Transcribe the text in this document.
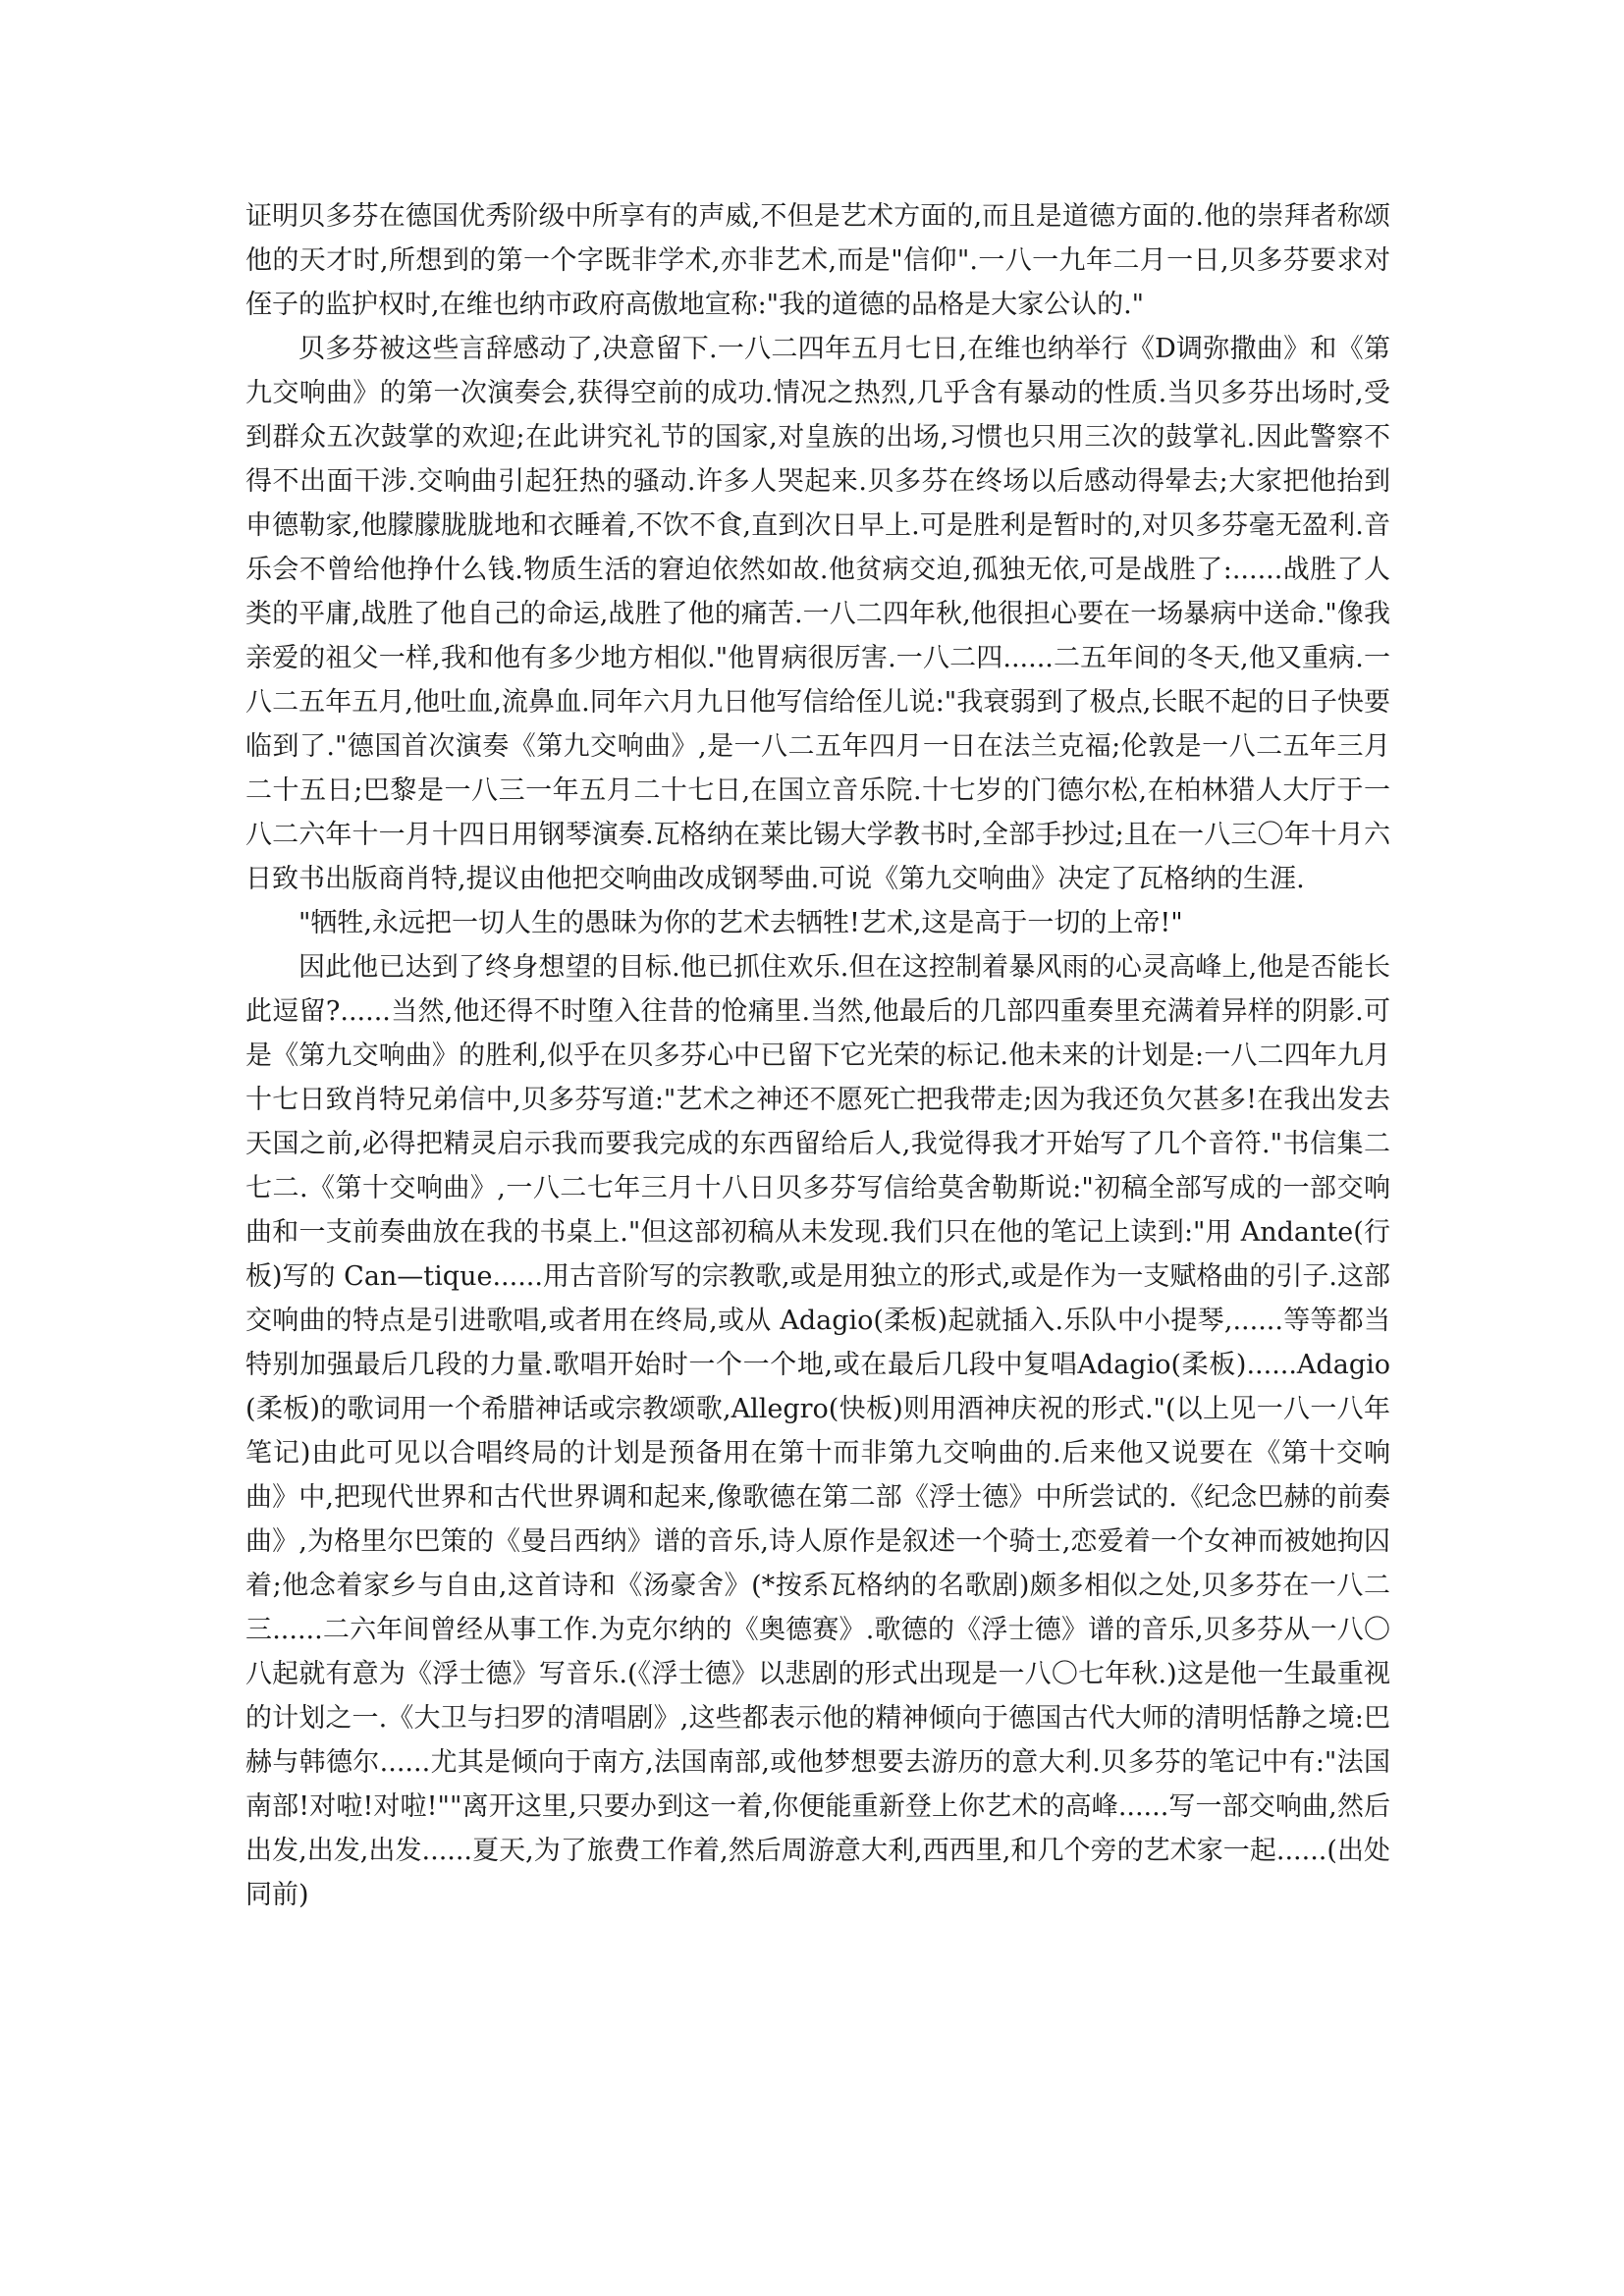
证明贝多芬在德国优秀阶级中所享有的声威,不但是艺术方面的,而且是道德方面的.他的崇拜者称颂他的天才时,所想到的第一个字既非学术,亦非艺术,而是"信仰".一八一九年二月一日,贝多芬要求对侄子的监护权时,在维也纳市政府高傲地宣称:"我的道德的品格是大家公认的."

贝多芬被这些言辞感动了,决意留下.一八二四年五月七日,在维也纳举行《D调弥撒曲》和《第九交响曲》的第一次演奏会,获得空前的成功.情况之热烈,几乎含有暴动的性质.当贝多芬出场时,受到群众五次鼓掌的欢迎;在此讲究礼节的国家,对皇族的出场,习惯也只用三次的鼓掌礼.因此警察不得不出面干涉.交响曲引起狂热的骚动.许多人哭起来.贝多芬在终场以后感动得晕去;大家把他抬到申德勒家,他朦朦胧胧地和衣睡着,不饮不食,直到次日早上.可是胜利是暂时的,对贝多芬毫无盈利.音乐会不曾给他挣什么钱.物质生活的窘迫依然如故.他贫病交迫,孤独无依,可是战胜了:......战胜了人类的平庸,战胜了他自己的命运,战胜了他的痛苦.一八二四年秋,他很担心要在一场暴病中送命."像我亲爱的祖父一样,我和他有多少地方相似."他胃病很厉害.一八二四......二五年间的冬天,他又重病.一八二五年五月,他吐血,流鼻血.同年六月九日他写信给侄儿说:"我衰弱到了极点,长眠不起的日子快要临到了."德国首次演奏《第九交响曲》,是一八二五年四月一日在法兰克福;伦敦是一八二五年三月二十五日;巴黎是一八三一年五月二十七日,在国立音乐院.十七岁的门德尔松,在柏林猎人大厅于一八二六年十一月十四日用钢琴演奏.瓦格纳在莱比锡大学教书时,全部手抄过;且在一八三〇年十月六日致书出版商肖特,提议由他把交响曲改成钢琴曲.可说《第九交响曲》决定了瓦格纳的生涯.

"牺牲,永远把一切人生的愚昧为你的艺术去牺牲!艺术,这是高于一切的上帝!"

因此他已达到了终身想望的目标.他已抓住欢乐.但在这控制着暴风雨的心灵高峰上,他是否能长此逗留?......当然,他还得不时堕入往昔的怆痛里.当然,他最后的几部四重奏里充满着异样的阴影.可是《第九交响曲》的胜利,似乎在贝多芬心中已留下它光荣的标记.他未来的计划是:一八二四年九月十七日致肖特兄弟信中,贝多芬写道:"艺术之神还不愿死亡把我带走;因为我还负欠甚多!在我出发去天国之前,必得把精灵启示我而要我完成的东西留给后人,我觉得我才开始写了几个音符."书信集二七二.《第十交响曲》,一八二七年三月十八日贝多芬写信给莫舍勒斯说:"初稿全部写成的一部交响曲和一支前奏曲放在我的书桌上."但这部初稿从未发现.我们只在他的笔记上读到:"用 Andante(行板)写的 Can—tique......用古音阶写的宗教歌,或是用独立的形式,或是作为一支赋格曲的引子.这部交响曲的特点是引进歌唱,或者用在终局,或从 Adagio(柔板)起就插入.乐队中小提琴,......等等都当特别加强最后几段的力量.歌唱开始时一个一个地,或在最后几段中复唱Adagio(柔板)......Adagio(柔板)的歌词用一个希腊神话或宗教颂歌,Allegro(快板)则用酒神庆祝的形式."(以上见一八一八年笔记)由此可见以合唱终局的计划是预备用在第十而非第九交响曲的.后来他又说要在《第十交响曲》中,把现代世界和古代世界调和起来,像歌德在第二部《浮士德》中所尝试的.《纪念巴赫的前奏曲》,为格里尔巴策的《曼吕西纳》谱的音乐,诗人原作是叙述一个骑士,恋爱着一个女神而被她拘囚着;他念着家乡与自由,这首诗和《汤豪舍》(*按系瓦格纳的名歌剧)颇多相似之处,贝多芬在一八二三......二六年间曾经从事工作.为克尔纳的《奥德赛》.歌德的《浮士德》谱的音乐,贝多芬从一八〇八起就有意为《浮士德》写音乐.(《浮士德》以悲剧的形式出现是一八〇七年秋.)这是他一生最重视的计划之一.《大卫与扫罗的清唱剧》,这些都表示他的精神倾向于德国古代大师的清明恬静之境:巴赫与韩德尔......尤其是倾向于南方,法国南部,或他梦想要去游历的意大利.贝多芬的笔记中有:"法国南部!对啦!对啦!""离开这里,只要办到这一着,你便能重新登上你艺术的高峰......写一部交响曲,然后出发,出发,出发......夏天,为了旅费工作着,然后周游意大利,西西里,和几个旁的艺术家一起......(出处同前)
